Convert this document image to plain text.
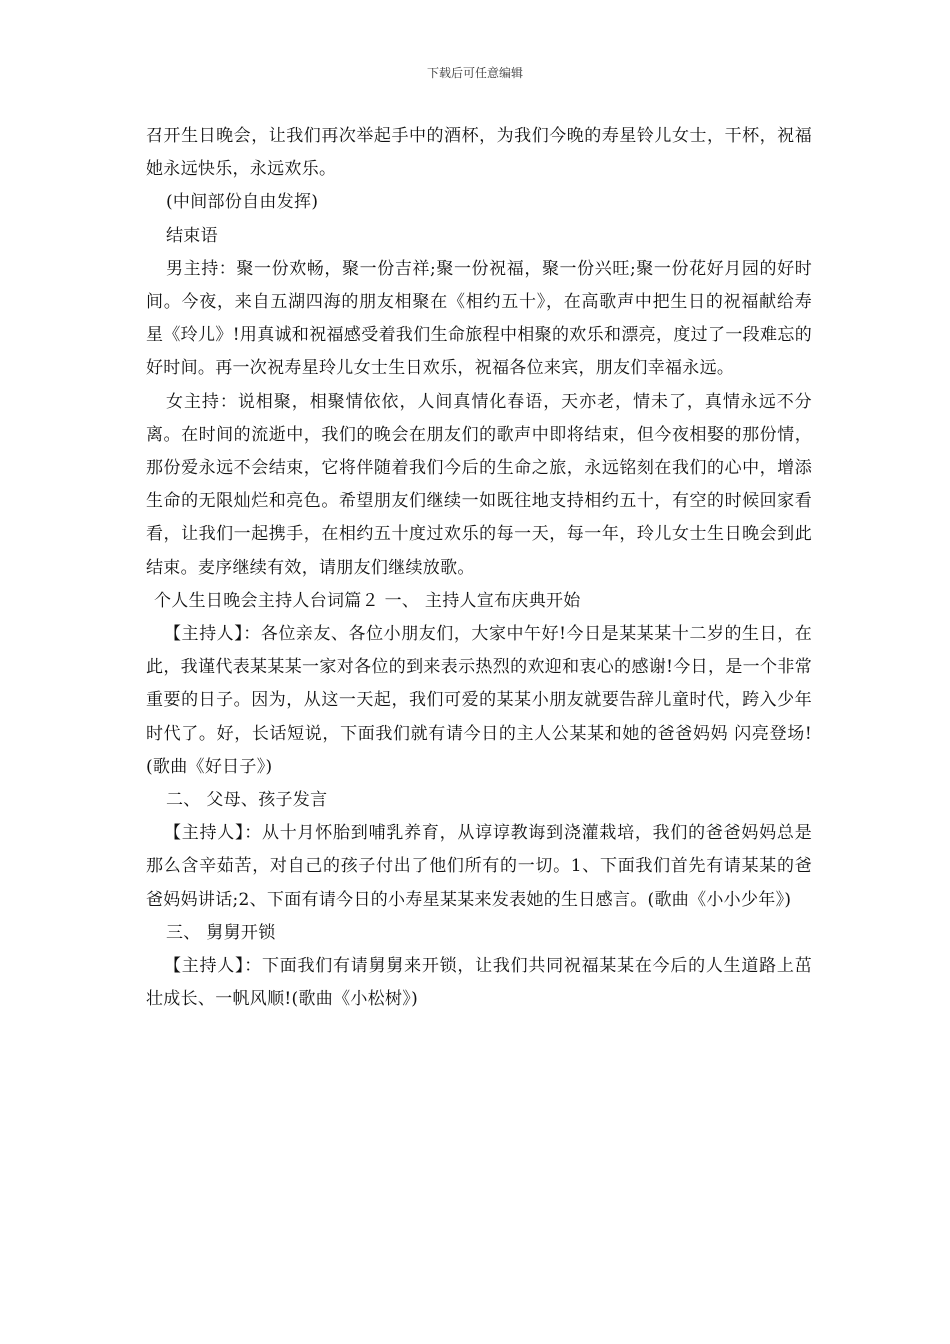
下载后可任意编辑

召开生日晚会，让我们再次举起手中的酒杯，为我们今晚的寿星铃儿女士，干杯，祝福她永远快乐，永远欢乐。

(中间部份自由发挥)

结束语

男主持：聚一份欢畅，聚一份吉祥;聚一份祝福，聚一份兴旺;聚一份花好月园的好时间。今夜，来自五湖四海的朋友相聚在《相约五十》，在高歌声中把生日的祝福献给寿星《玲儿》!用真诚和祝福感受着我们生命旅程中相聚的欢乐和漂亮，度过了一段难忘的好时间。再一次祝寿星玲儿女士生日欢乐，祝福各位来宾，朋友们幸福永远。

女主持：说相聚，相聚情依依，人间真情化春语，天亦老，情未了，真情永远不分离。在时间的流逝中，我们的晚会在朋友们的歌声中即将结束，但今夜相娶的那份情，那份爱永远不会结束，它将伴随着我们今后的生命之旅，永远铭刻在我们的心中，增添生命的无限灿烂和亮色。希望朋友们继续一如既往地支持相约五十，有空的时候回家看看，让我们一起携手，在相约五十度过欢乐的每一天，每一年，玲儿女士生日晚会到此结束。麦序继续有效，请朋友们继续放歌。

个人生日晚会主持人台词篇２ 一、 主持人宣布庆典开始

【主持人】：各位亲友、各位小朋友们，大家中午好!今日是某某某十二岁的生日，在此，我谨代表某某某一家对各位的到来表示热烈的欢迎和衷心的感谢!今日，是一个非常重要的日子。因为，从这一天起，我们可爱的某某小朋友就要告辞儿童时代，跨入少年时代了。好，长话短说，下面我们就有请今日的主人公某某和她的爸爸妈妈 闪亮登场!(歌曲《好日子》)

二、 父母、孩子发言

【主持人】：从十月怀胎到哺乳养育，从谆谆教诲到浇灌栽培，我们的爸爸妈妈总是那么含辛茹苦，对自己的孩子付出了他们所有的一切。1、下面我们首先有请某某的爸爸妈妈讲话;2、下面有请今日的小寿星某某来发表她的生日感言。(歌曲《小小少年》)

三、 舅舅开锁

【主持人】：下面我们有请舅舅来开锁，让我们共同祝福某某在今后的人生道路上茁壮成长、一帆风顺!(歌曲《小松树》)
